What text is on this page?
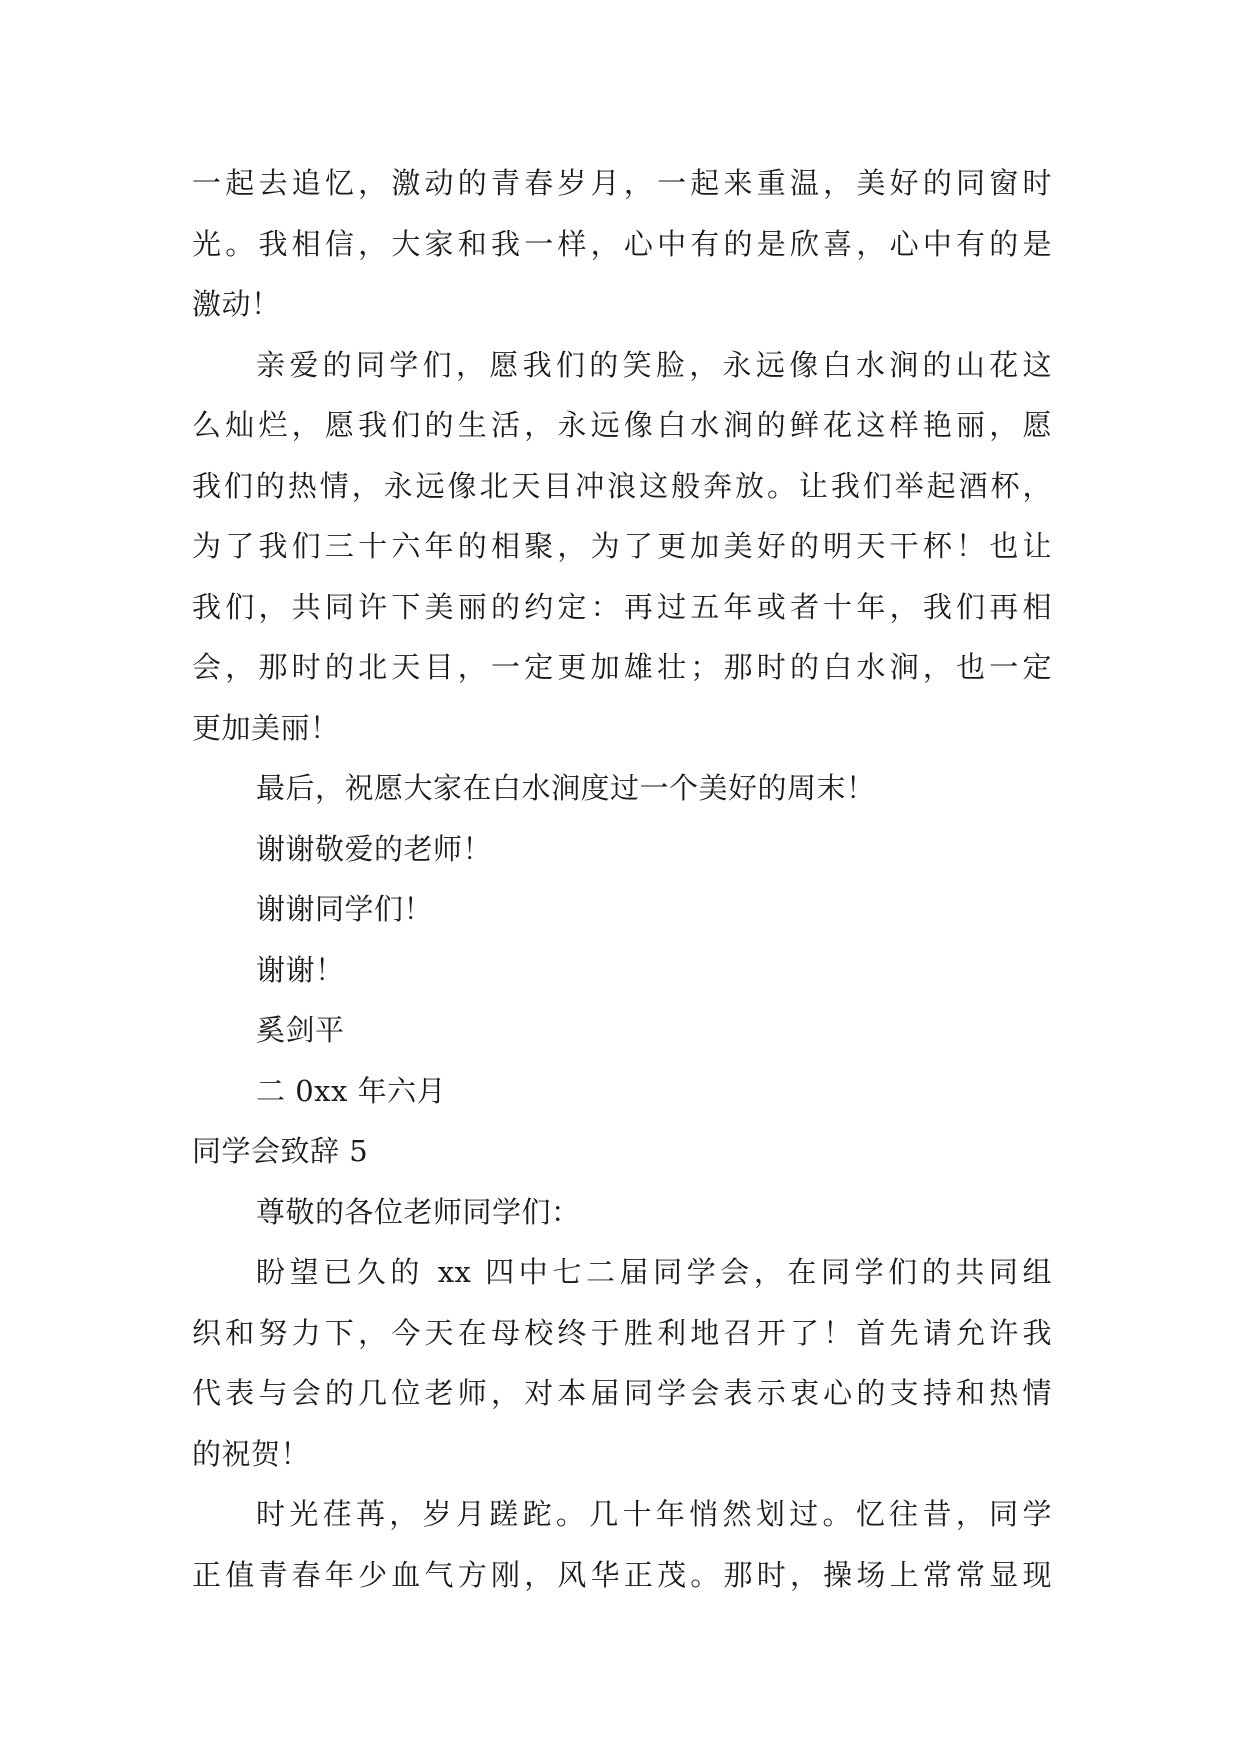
一起去追忆，激动的青春岁月，一起来重温，美好的同窗时
光。我相信，大家和我一样，心中有的是欣喜，心中有的是
激动！
亲爱的同学们，愿我们的笑脸，永远像白水涧的山花这
么灿烂，愿我们的生活，永远像白水涧的鲜花这样艳丽，愿
我们的热情，永远像北天目冲浪这般奔放。让我们举起酒杯，
为了我们三十六年的相聚，为了更加美好的明天干杯！也让
我们，共同许下美丽的约定：再过五年或者十年，我们再相
会，那时的北天目，一定更加雄壮；那时的白水涧，也一定
更加美丽！
最后，祝愿大家在白水涧度过一个美好的周末！
谢谢敬爱的老师！
谢谢同学们！
谢谢！
奚剑平
二 0xx 年六月
同学会致辞 5
尊敬的各位老师同学们：
盼望已久的 xx 四中七二届同学会，在同学们的共同组
织和努力下，今天在母校终于胜利地召开了！首先请允许我
代表与会的几位老师，对本届同学会表示衷心的支持和热情
的祝贺！
时光荏苒，岁月蹉跎。几十年悄然划过。忆往昔，同学
正值青春年少血气方刚，风华正茂。那时，操场上常常显现
